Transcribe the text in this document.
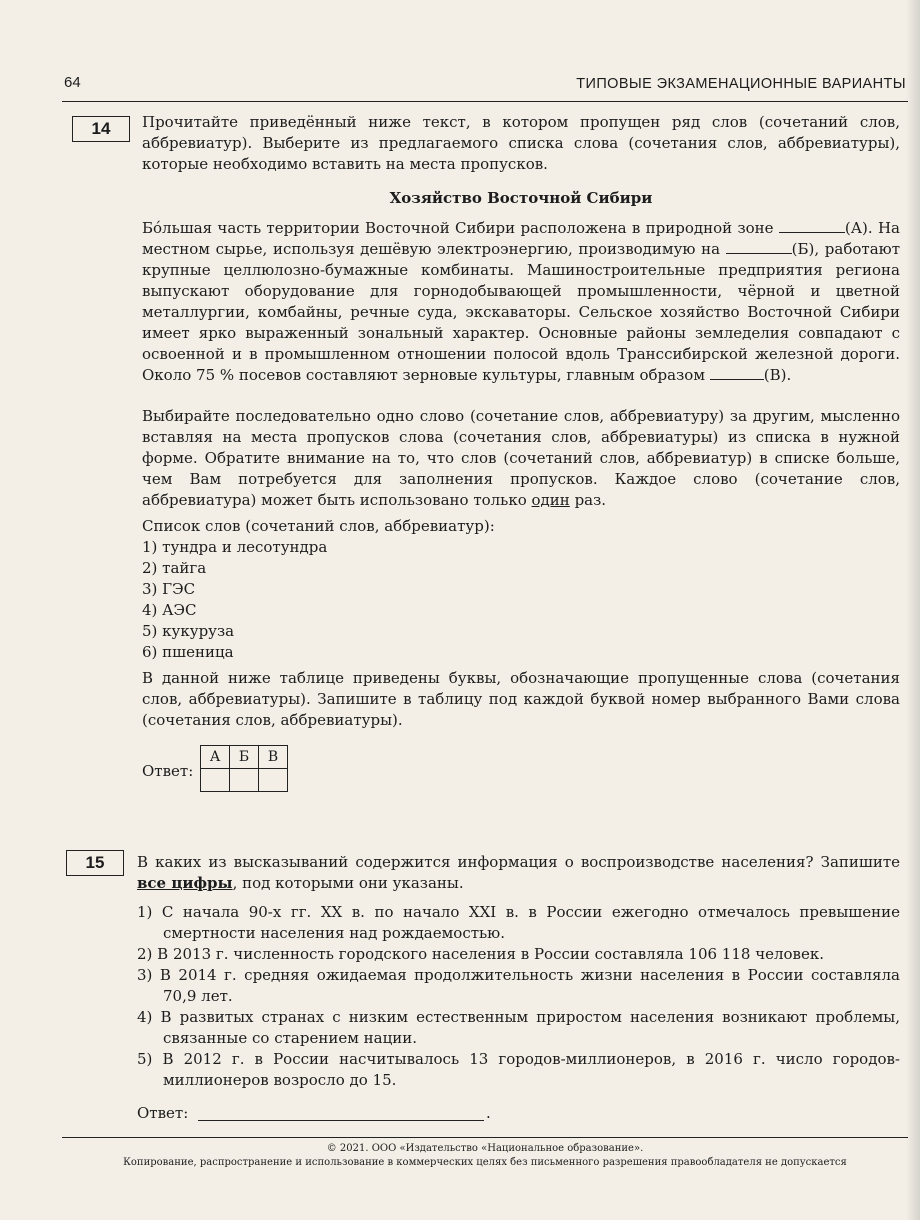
64	ТИПОВЫЕ ЭКЗАМЕНАЦИОННЫЕ ВАРИАНТЫ
14	Прочитайте приведённый ниже текст, в котором пропущен ряд слов (сочетаний слов, аббревиатур). Выберите из предлагаемого списка слова (сочетания слов, аббревиатуры), которые необходимо вставить на места пропусков.
Хозяйство Восточной Сибири
Бóльшая часть территории Восточной Сибири расположена в природной зоне	(А). На местном сырье, используя дешёвую электроэнергию, производимую на	(Б), работают крупные целлюлозно-бумажные комбинаты. Машиностроительные предприятия региона выпускают оборудование для горнодобывающей промышленности, чёрной и цветной металлургии, комбайны, речные суда, экскаваторы. Сельское хозяйство Восточной Сибири имеет ярко выраженный зональный характер. Основные районы земледелия совпадают с освоенной и в промышленном отношении полосой вдоль Транссибирской железной дороги. Около 75 % посевов составляют зерновые культуры, главным образом	(В).
Выбирайте последовательно одно слово (сочетание слов, аббревиатуру) за другим, мысленно вставляя на места пропусков слова (сочетания слов, аббревиатуры) из списка в нужной форме. Обратите внимание на то, что слов (сочетаний слов, аббревиатур) в списке больше, чем Вам потребуется для заполнения пропусков. Каждое слово (сочетание слов, аббревиатура) может быть использовано только один раз.
Список слов (сочетаний слов, аббревиатур):
1) тундра и лесотундра
2) тайга
3) ГЭС
4) АЭС
5) кукуруза
6) пшеница
В данной ниже таблице приведены буквы, обозначающие пропущенные слова (сочетания слов, аббревиатуры). Запишите в таблицу под каждой буквой номер выбранного Вами слова (сочетания слов, аббревиатуры).
Ответ:
А	Б	В

15	В каких из высказываний содержится информация о воспроизводстве населения? Запишите все цифры, под которыми они указаны.
1) С начала 90-х гг. XX в. по начало XXI в. в России ежегодно отмечалось превышение смертности населения над рождаемостью.
2) В 2013 г. численность городского населения в России составляла 106 118 человек.
3) В 2014 г. средняя ожидаемая продолжительность жизни населения в России составляла 70,9 лет.
4) В развитых странах с низким естественным приростом населения возникают проблемы, связанные со старением нации.
5) В 2012 г. в России насчитывалось 13 городов-миллионеров, в 2016 г. число городов-миллионеров возросло до 15.
Ответ:	.
© 2021. ООО «Издательство «Национальное образование».
Копирование, распространение и использование в коммерческих целях без письменного разрешения правообладателя не допускается
